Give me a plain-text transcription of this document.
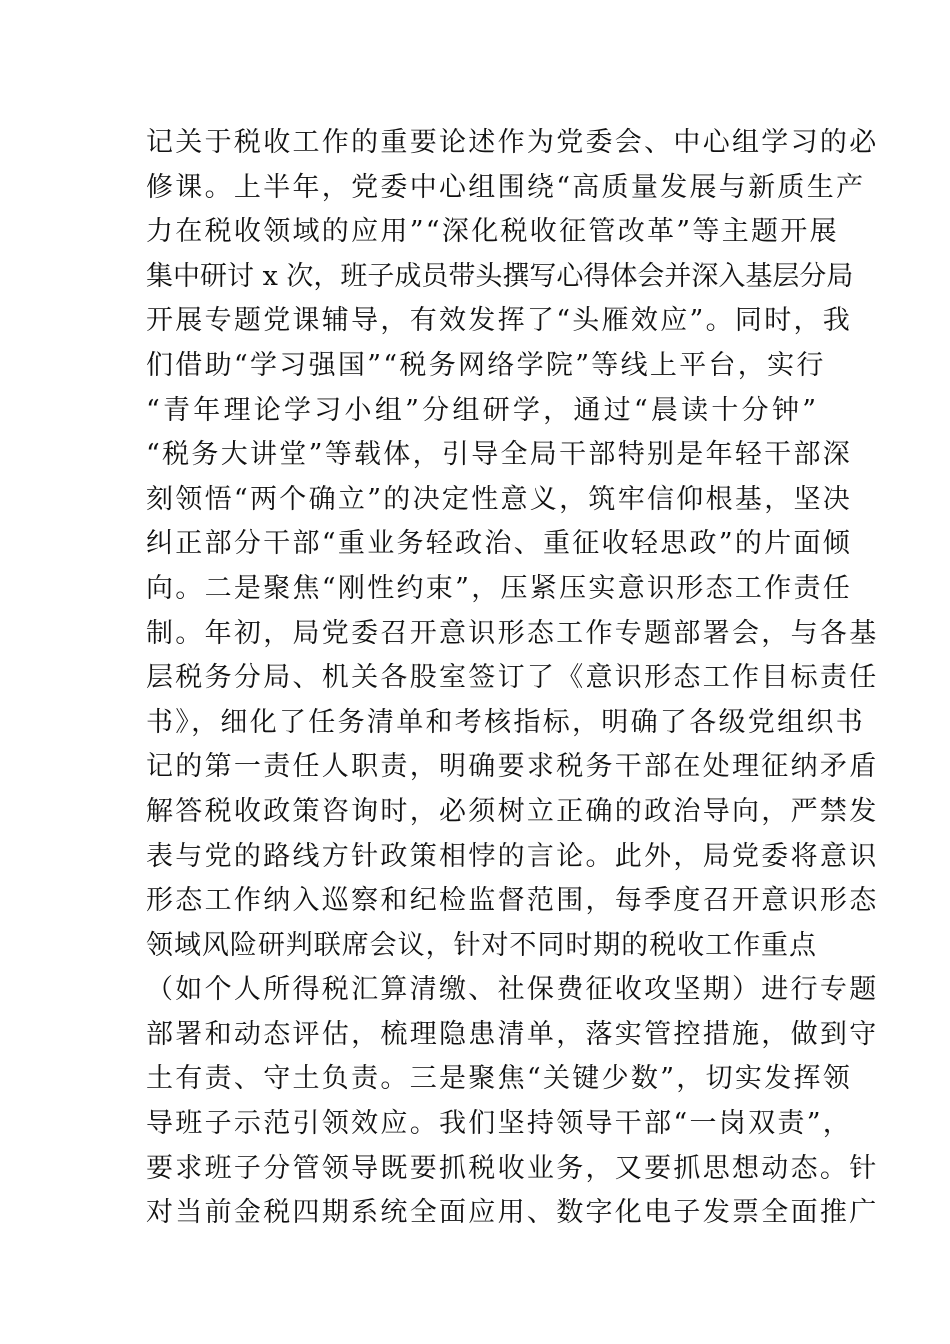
记关于税收工作的重要论述作为党委会、中心组学习的必
修课。上半年，党委中心组围绕“高质量发展与新质生产
力在税收领域的应用”“深化税收征管改革”等主题开展
集中研讨 x 次，班子成员带头撰写心得体会并深入基层分局
开展专题党课辅导，有效发挥了“头雁效应”。同时，我
们借助“学习强国”“税务网络学院”等线上平台，实行
“青年理论学习小组”分组研学，通过“晨读十分钟”
“税务大讲堂”等载体，引导全局干部特别是年轻干部深
刻领悟“两个确立”的决定性意义，筑牢信仰根基，坚决
纠正部分干部“重业务轻政治、重征收轻思政”的片面倾
向。二是聚焦“刚性约束”，压紧压实意识形态工作责任
制。年初，局党委召开意识形态工作专题部署会，与各基
层税务分局、机关各股室签订了《意识形态工作目标责任
书》，细化了任务清单和考核指标，明确了各级党组织书
记的第一责任人职责，明确要求税务干部在处理征纳矛盾
解答税收政策咨询时，必须树立正确的政治导向，严禁发
表与党的路线方针政策相悖的言论。此外，局党委将意识
形态工作纳入巡察和纪检监督范围，每季度召开意识形态
领域风险研判联席会议，针对不同时期的税收工作重点
（如个人所得税汇算清缴、社保费征收攻坚期）进行专题
部署和动态评估，梳理隐患清单，落实管控措施，做到守
土有责、守土负责。三是聚焦“关键少数”，切实发挥领
导班子示范引领效应。我们坚持领导干部“一岗双责”，
要求班子分管领导既要抓税收业务，又要抓思想动态。针
对当前金税四期系统全面应用、数字化电子发票全面推广
